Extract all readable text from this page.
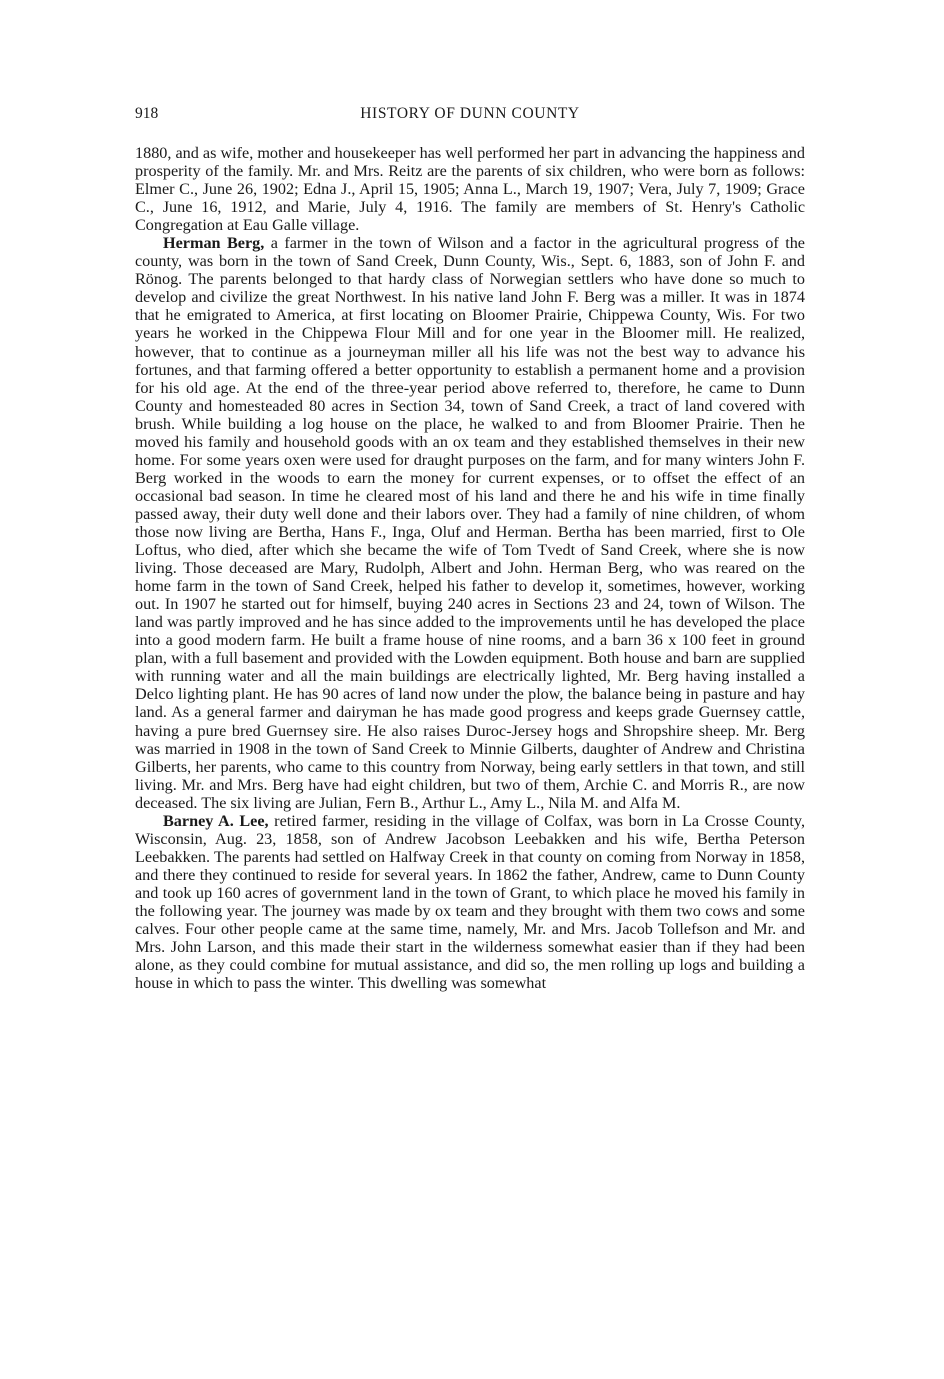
918	HISTORY OF DUNN COUNTY

1880, and as wife, mother and housekeeper has well performed her part in advancing the happiness and prosperity of the family. Mr. and Mrs. Reitz are the parents of six children, who were born as follows: Elmer C., June 26, 1902; Edna J., April 15, 1905; Anna L., March 19, 1907; Vera, July 7, 1909; Grace C., June 16, 1912, and Marie, July 4, 1916. The family are members of St. Henry's Catholic Congregation at Eau Galle village.

Herman Berg, a farmer in the town of Wilson and a factor in the agricultural progress of the county, was born in the town of Sand Creek, Dunn County, Wis., Sept. 6, 1883, son of John F. and Rönog. The parents belonged to that hardy class of Norwegian settlers who have done so much to develop and civilize the great Northwest. In his native land John F. Berg was a miller. It was in 1874 that he emigrated to America, at first locating on Bloomer Prairie, Chippewa County, Wis. For two years he worked in the Chippewa Flour Mill and for one year in the Bloomer mill. He realized, however, that to continue as a journeyman miller all his life was not the best way to advance his fortunes, and that farming offered a better opportunity to establish a permanent home and a provision for his old age. At the end of the three-year period above referred to, therefore, he came to Dunn County and homesteaded 80 acres in Section 34, town of Sand Creek, a tract of land covered with brush. While building a log house on the place, he walked to and from Bloomer Prairie. Then he moved his family and household goods with an ox team and they established themselves in their new home. For some years oxen were used for draught purposes on the farm, and for many winters John F. Berg worked in the woods to earn the money for current expenses, or to offset the effect of an occasional bad season. In time he cleared most of his land and there he and his wife in time finally passed away, their duty well done and their labors over. They had a family of nine children, of whom those now living are Bertha, Hans F., Inga, Oluf and Herman. Bertha has been married, first to Ole Loftus, who died, after which she became the wife of Tom Tvedt of Sand Creek, where she is now living. Those deceased are Mary, Rudolph, Albert and John. Herman Berg, who was reared on the home farm in the town of Sand Creek, helped his father to develop it, sometimes, however, working out. In 1907 he started out for himself, buying 240 acres in Sections 23 and 24, town of Wilson. The land was partly improved and he has since added to the improvements until he has developed the place into a good modern farm. He built a frame house of nine rooms, and a barn 36 x 100 feet in ground plan, with a full basement and provided with the Lowden equipment. Both house and barn are supplied with running water and all the main buildings are electrically lighted, Mr. Berg having installed a Delco lighting plant. He has 90 acres of land now under the plow, the balance being in pasture and hay land. As a general farmer and dairyman he has made good progress and keeps grade Guernsey cattle, having a pure bred Guernsey sire. He also raises Duroc-Jersey hogs and Shropshire sheep. Mr. Berg was married in 1908 in the town of Sand Creek to Minnie Gilberts, daughter of Andrew and Christina Gilberts, her parents, who came to this country from Norway, being early settlers in that town, and still living. Mr. and Mrs. Berg have had eight children, but two of them, Archie C. and Morris R., are now deceased. The six living are Julian, Fern B., Arthur L., Amy L., Nila M. and Alfa M.

Barney A. Lee, retired farmer, residing in the village of Colfax, was born in La Crosse County, Wisconsin, Aug. 23, 1858, son of Andrew Jacobson Leebakken and his wife, Bertha Peterson Leebakken. The parents had settled on Halfway Creek in that county on coming from Norway in 1858, and there they continued to reside for several years. In 1862 the father, Andrew, came to Dunn County and took up 160 acres of government land in the town of Grant, to which place he moved his family in the following year. The journey was made by ox team and they brought with them two cows and some calves. Four other people came at the same time, namely, Mr. and Mrs. Jacob Tollefson and Mr. and Mrs. John Larson, and this made their start in the wilderness somewhat easier than if they had been alone, as they could combine for mutual assistance, and did so, the men rolling up logs and building a house in which to pass the winter. This dwelling was somewhat
